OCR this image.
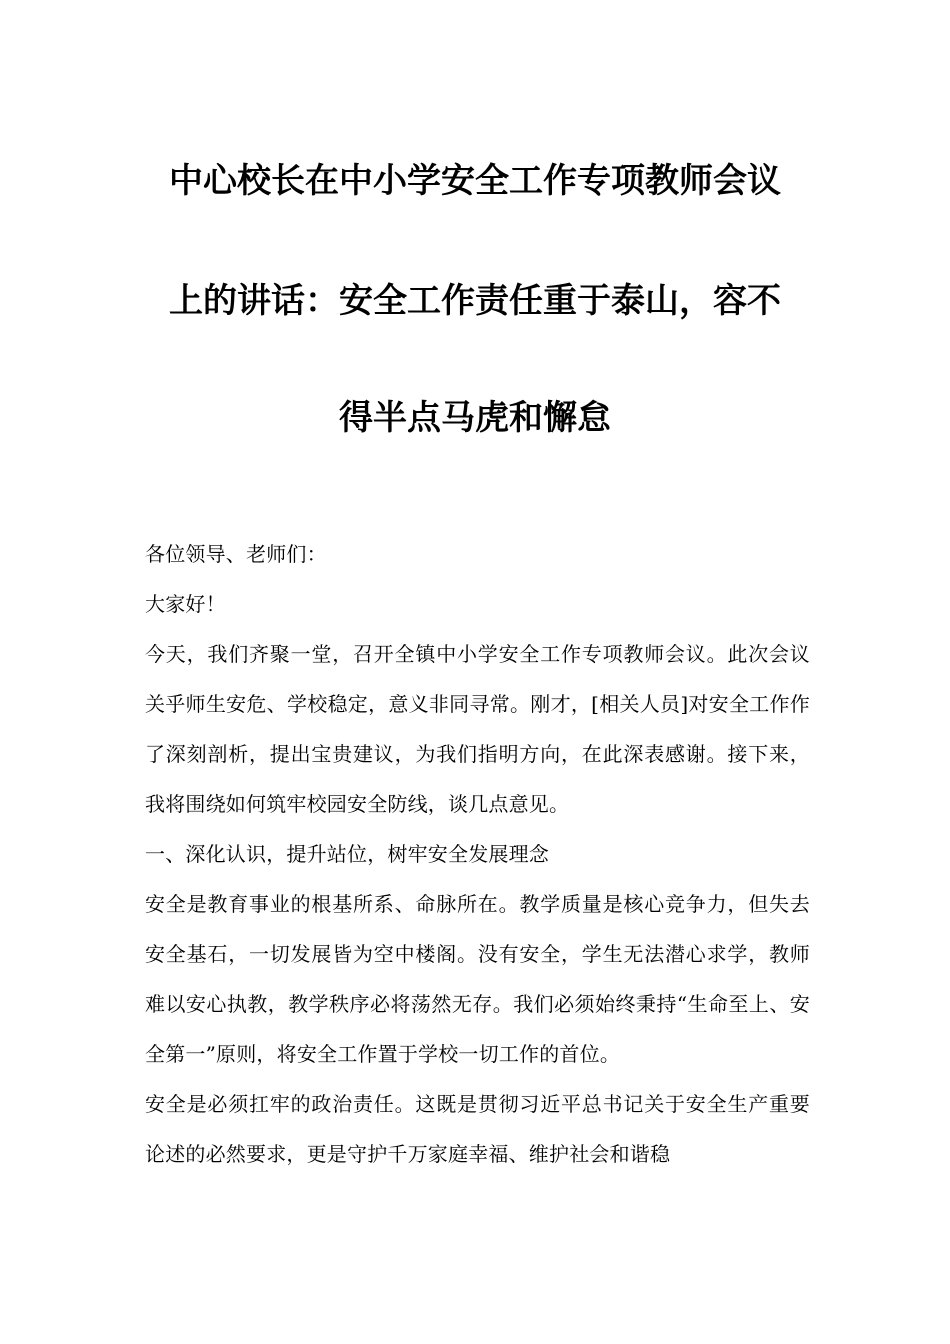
中心校长在中小学安全工作专项教师会议
上的讲话：安全工作责任重于泰山，容不
得半点马虎和懈怠

各位领导、老师们：

大家好！

今天，我们齐聚一堂，召开全镇中小学安全工作专项教师会议。此次会议关乎师生安危、学校稳定，意义非同寻常。刚才，[相关人员]对安全工作作了深刻剖析，提出宝贵建议，为我们指明方向，在此深表感谢。接下来，我将围绕如何筑牢校园安全防线，谈几点意见。

一、深化认识，提升站位，树牢安全发展理念

安全是教育事业的根基所系、命脉所在。教学质量是核心竞争力，但失去安全基石，一切发展皆为空中楼阁。没有安全，学生无法潜心求学，教师难以安心执教，教学秩序必将荡然无存。我们必须始终秉持“生命至上、安全第一”原则，将安全工作置于学校一切工作的首位。

安全是必须扛牢的政治责任。这既是贯彻习近平总书记关于安全生产重要论述的必然要求，更是守护千万家庭幸福、维护社会和谐稳
